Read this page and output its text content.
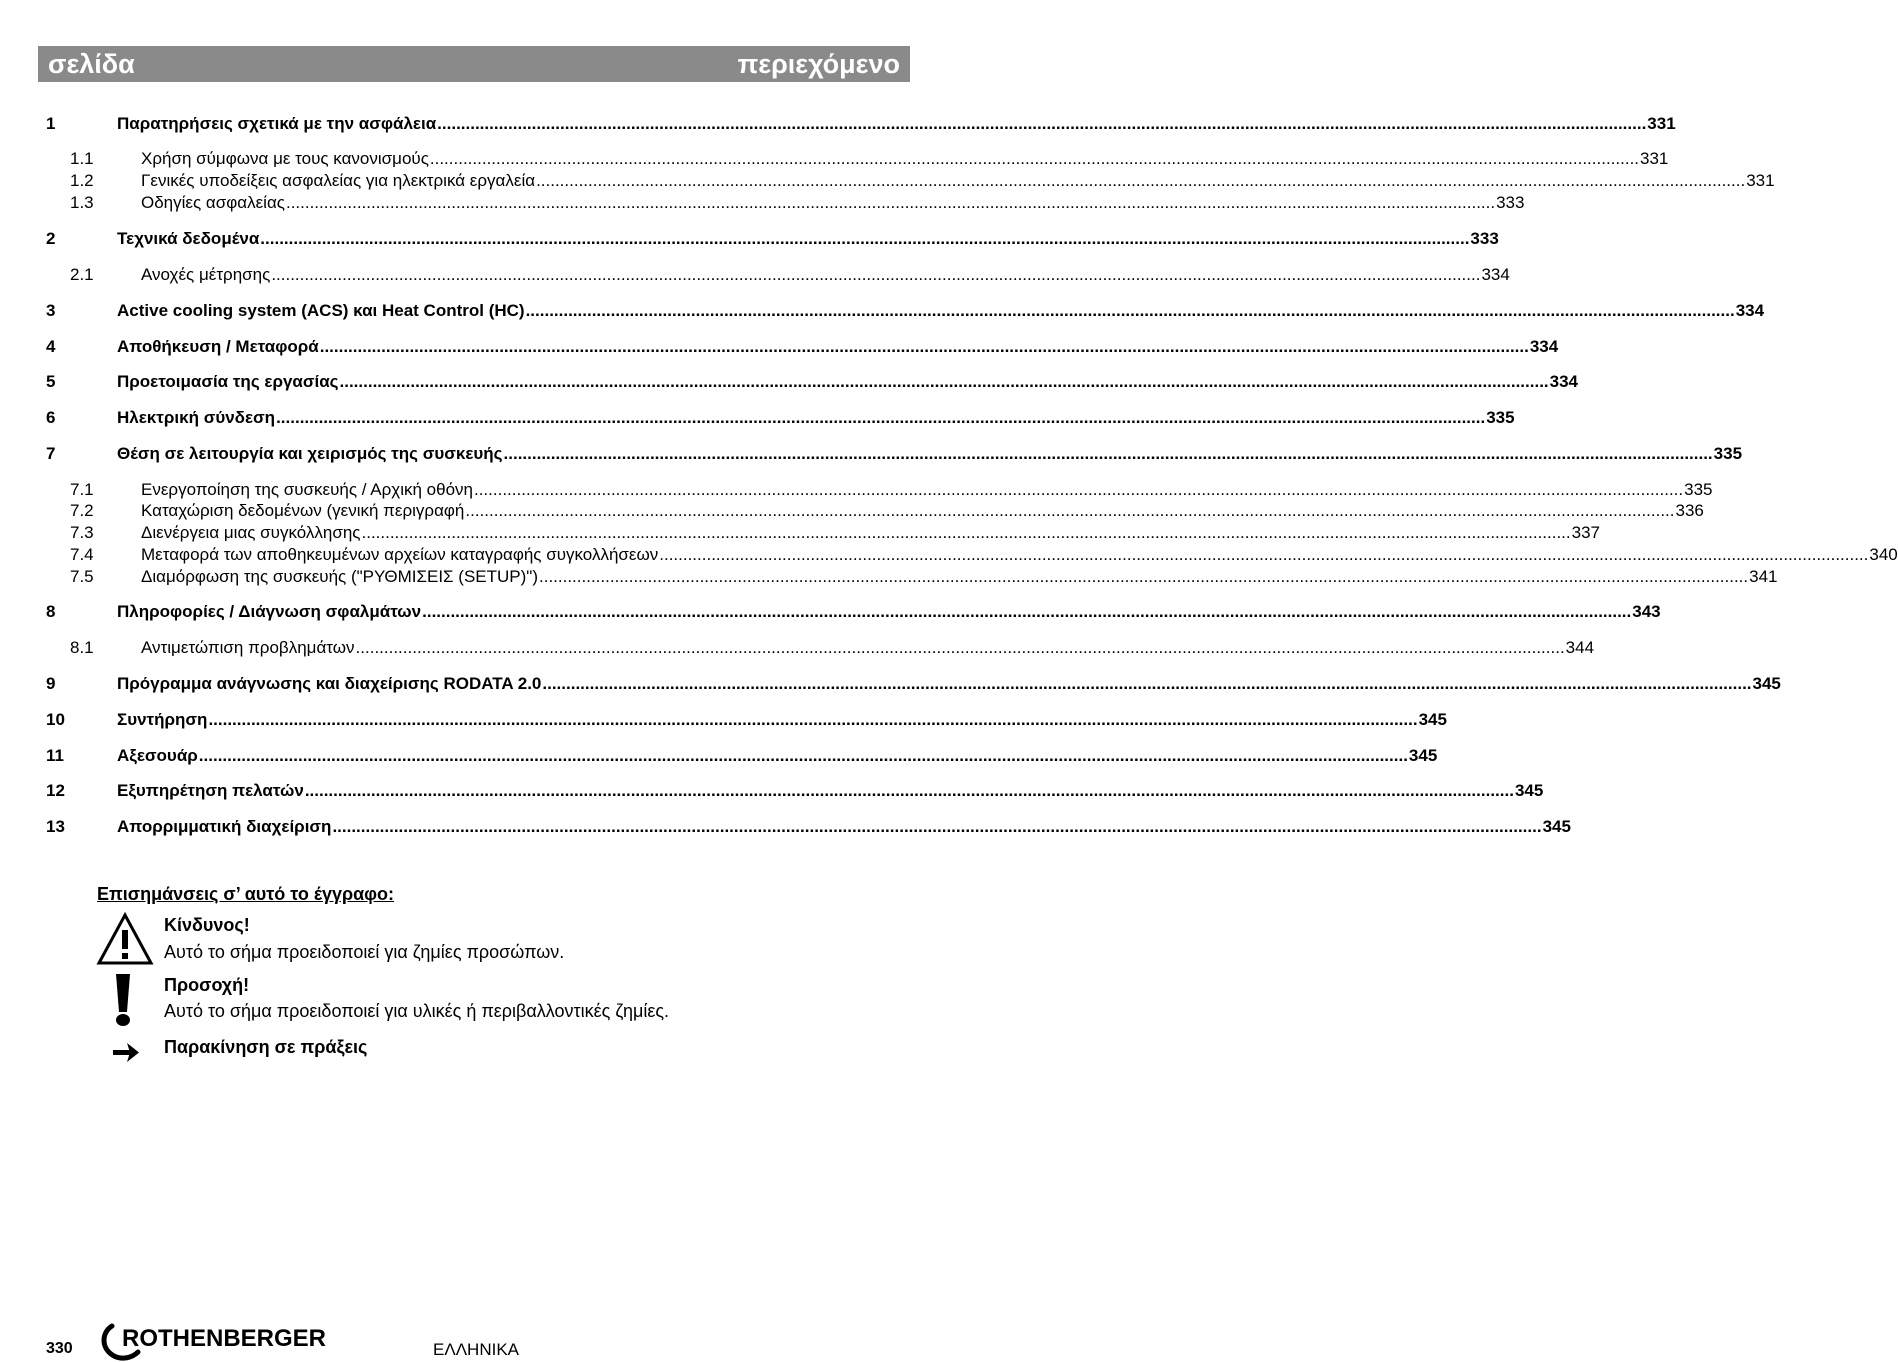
σελίδα	περιεχόμενο
1	Παρατηρήσεις σχετικά με την ασφάλεια .....	331
1.1	Χρήση σύμφωνα με τους κανονισμούς .....	331
1.2	Γενικές υποδείξεις ασφαλείας για ηλεκτρικά εργαλεία .....	331
1.3	Οδηγίες ασφαλείας .....	333
2	Τεχνικά δεδομένα .....	333
2.1	Ανοχές μέτρησης .....	334
3	Active cooling system (ACS) και Heat Control (HC) .....	334
4	Αποθήκευση / Μεταφορά .....	334
5	Προετοιμασία της εργασίας .....	334
6	Ηλεκτρική σύνδεση .....	335
7	Θέση σε λειτουργία και χειρισμός της συσκευής .....	335
7.1	Ενεργοποίηση της συσκευής / Αρχική οθόνη .....	335
7.2	Καταχώριση δεδομένων (γενική περιγραφή .....	336
7.3	Διενέργεια μιας συγκόλλησης .....	337
7.4	Μεταφορά των αποθηκευμένων αρχείων καταγραφής συγκολλήσεων .....	340
7.5	Διαμόρφωση της συσκευής ("ΡΥΘΜΙΣΕΙΣ (SETUP)") .....	341
8	Πληροφορίες / Διάγνωση σφαλμάτων .....	343
8.1	Αντιμετώπιση προβλημάτων .....	344
9	Πρόγραμμα ανάγνωσης και διαχείρισης RODATA 2.0 .....	345
10	Συντήρηση .....	345
11	Αξεσουάρ .....	345
12	Εξυπηρέτηση πελατών .....	345
13	Απορριμματική διαχείριση .....	345
Επισημάνσεις σ’ αυτό το έγγραφο:
Κίνδυνος!
Αυτό το σήμα προειδοποιεί για ζημίες προσώπων.
Προσοχή!
Αυτό το σήμα προειδοποιεί για υλικές ή περιβαλλοντικές ζημίες.
Παρακίνηση σε πράξεις
330 ROTHENBERGER	ΕΛΛΗΝΙΚΑ
